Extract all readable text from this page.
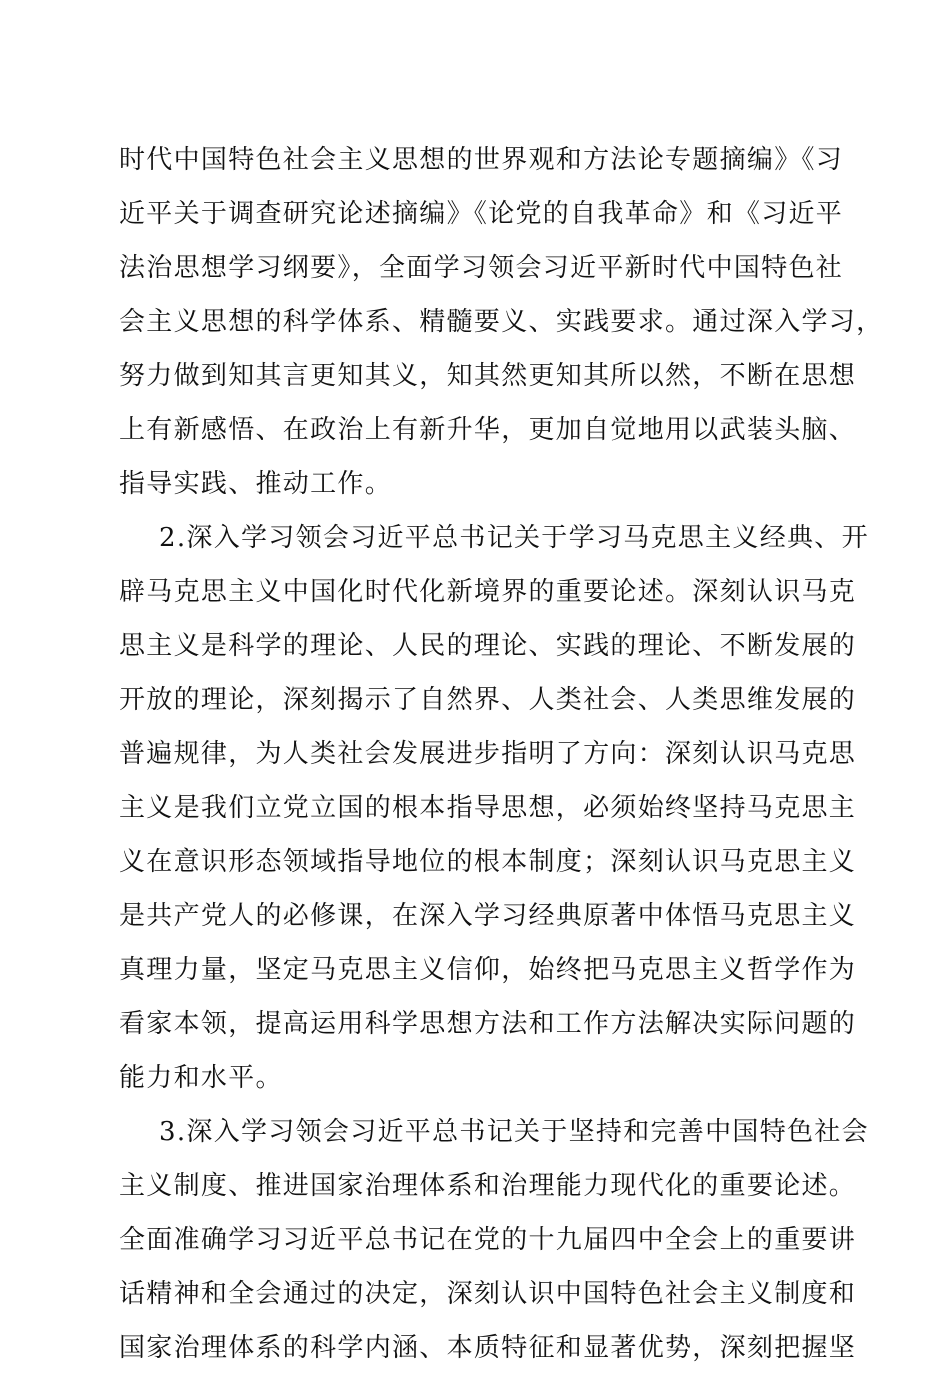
时代中国特色社会主义思想的世界观和方法论专题摘编》《习
近平关于调查研究论述摘编》《论党的自我革命》和《习近平
法治思想学习纲要》，全面学习领会习近平新时代中国特色社
会主义思想的科学体系、精髓要义、实践要求。通过深入学习，
努力做到知其言更知其义，知其然更知其所以然，不断在思想
上有新感悟、在政治上有新升华，更加自觉地用以武装头脑、
指导实践、推动工作。
2.深入学习领会习近平总书记关于学习马克思主义经典、开
辟马克思主义中国化时代化新境界的重要论述。深刻认识马克
思主义是科学的理论、人民的理论、实践的理论、不断发展的
开放的理论，深刻揭示了自然界、人类社会、人类思维发展的
普遍规律，为人类社会发展进步指明了方向：深刻认识马克思
主义是我们立党立国的根本指导思想，必须始终坚持马克思主
义在意识形态领域指导地位的根本制度；深刻认识马克思主义
是共产党人的必修课，在深入学习经典原著中体悟马克思主义
真理力量，坚定马克思主义信仰，始终把马克思主义哲学作为
看家本领，提高运用科学思想方法和工作方法解决实际问题的
能力和水平。
3.深入学习领会习近平总书记关于坚持和完善中国特色社会
主义制度、推进国家治理体系和治理能力现代化的重要论述。
全面准确学习习近平总书记在党的十九届四中全会上的重要讲
话精神和全会通过的决定，深刻认识中国特色社会主义制度和
国家治理体系的科学内涵、本质特征和显著优势，深刻把握坚
